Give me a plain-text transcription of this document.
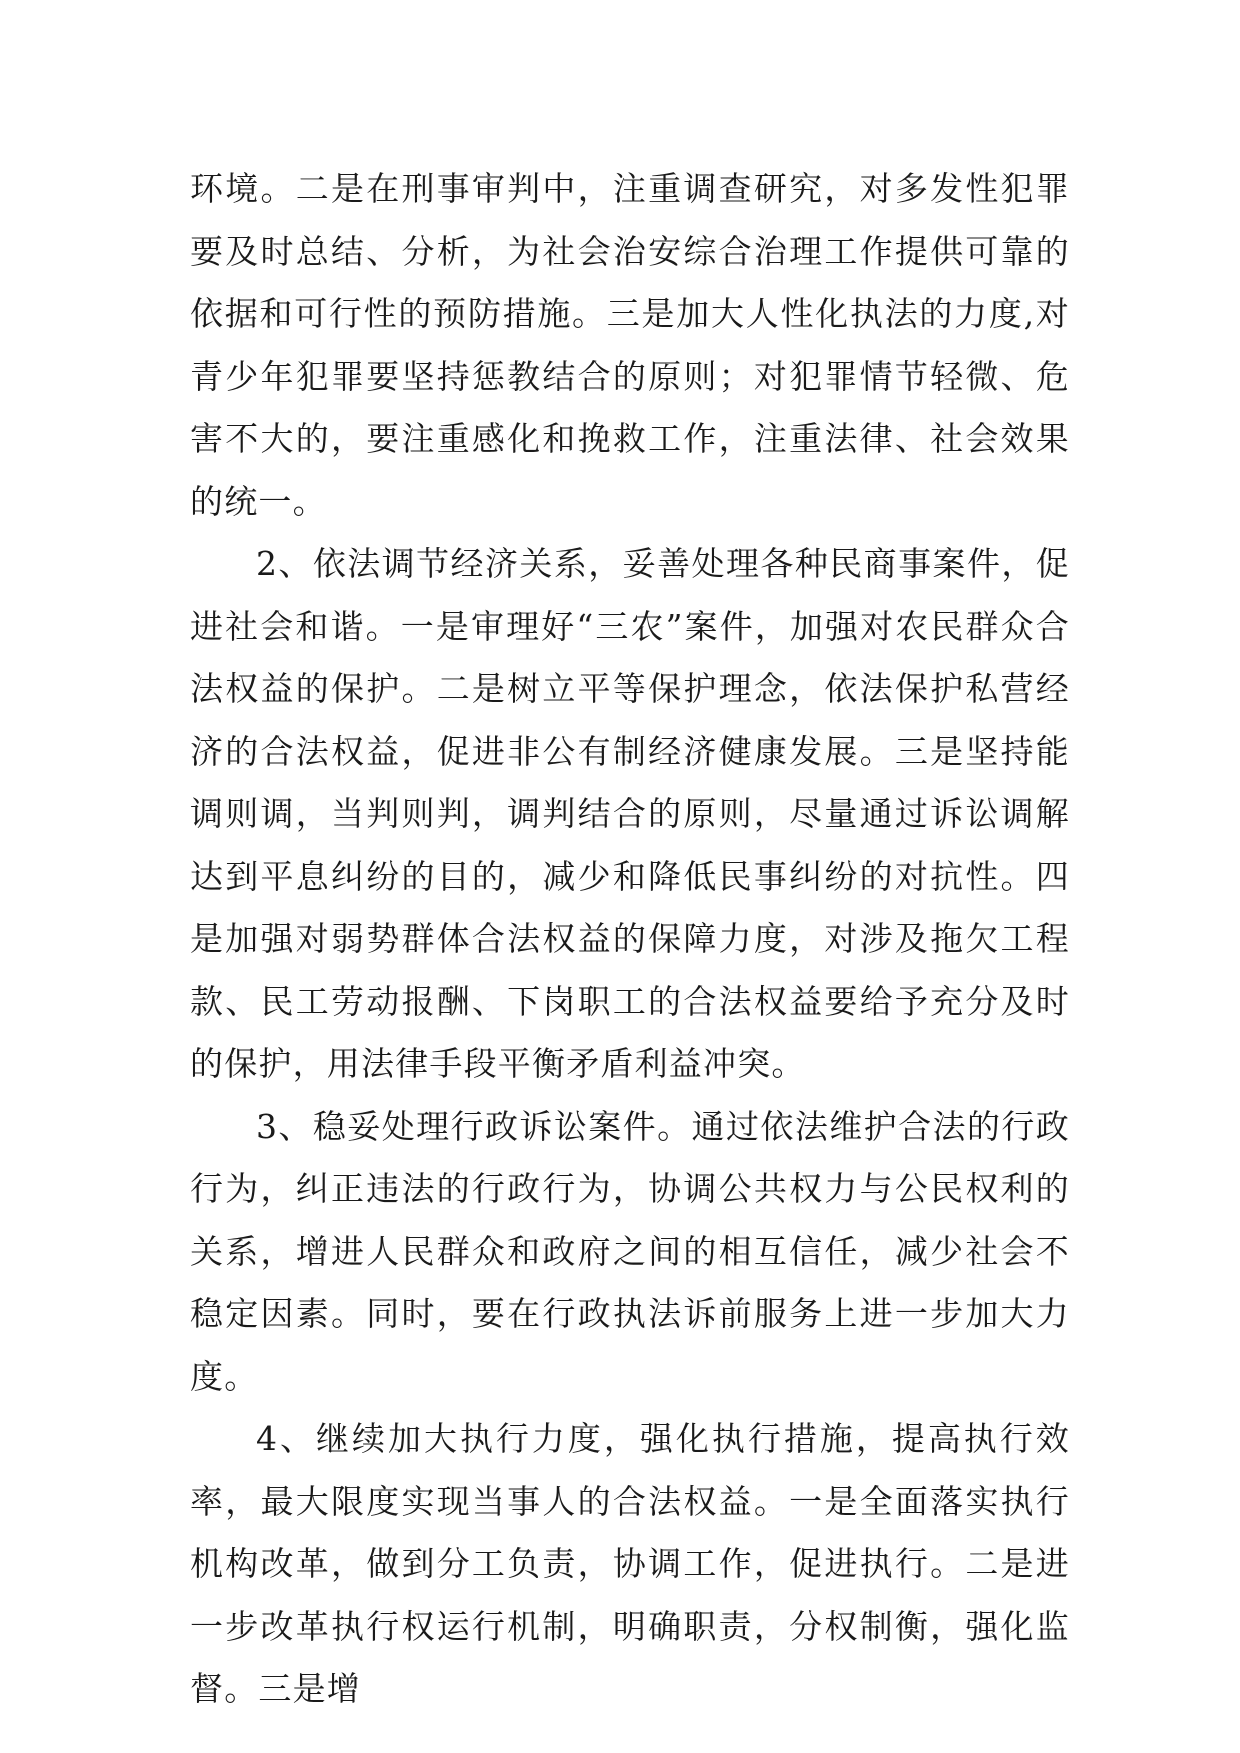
环境。二是在刑事审判中，注重调查研究，对多发性犯罪要及时总结、分析，为社会治安综合治理工作提供可靠的依据和可行性的预防措施。三是加大人性化执法的力度,对青少年犯罪要坚持惩教结合的原则；对犯罪情节轻微、危害不大的，要注重感化和挽救工作，注重法律、社会效果的统一。

2、依法调节经济关系，妥善处理各种民商事案件，促进社会和谐。一是审理好“三农”案件，加强对农民群众合法权益的保护。二是树立平等保护理念，依法保护私营经济的合法权益，促进非公有制经济健康发展。三是坚持能调则调，当判则判，调判结合的原则，尽量通过诉讼调解达到平息纠纷的目的，减少和降低民事纠纷的对抗性。四是加强对弱势群体合法权益的保障力度，对涉及拖欠工程款、民工劳动报酬、下岗职工的合法权益要给予充分及时的保护，用法律手段平衡矛盾利益冲突。

3、稳妥处理行政诉讼案件。通过依法维护合法的行政行为，纠正违法的行政行为，协调公共权力与公民权利的关系，增进人民群众和政府之间的相互信任，减少社会不稳定因素。同时，要在行政执法诉前服务上进一步加大力度。

4、继续加大执行力度，强化执行措施，提高执行效率，最大限度实现当事人的合法权益。一是全面落实执行机构改革，做到分工负责，协调工作，促进执行。二是进一步改革执行权运行机制，明确职责，分权制衡，强化监督。三是增
